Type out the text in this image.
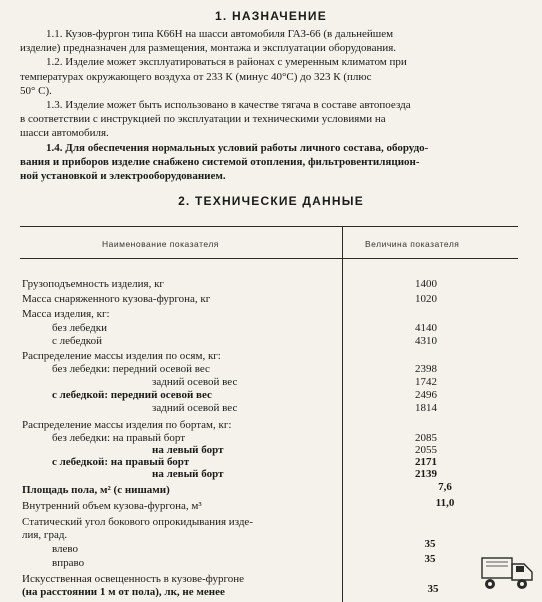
1. НАЗНАЧЕНИЕ
1.1. Кузов-фургон типа К66Н на шасси автомобиля ГАЗ-66 (в дальнейшем
изделие) предназначен для размещения, монтажа и эксплуатации оборудования.
1.2. Изделие может эксплуатироваться в районах с умеренным климатом при
температурах окружающего воздуха от 233 К (минус 40°С) до 323 К (плюс
50° С).
1.3. Изделие может быть использовано в качестве тягача в составе автопоезда
в соответствии с инструкцией по эксплуатации и техническими условиями на
шасси автомобиля.
1.4. Для обеспечения нормальных условий работы личного состава, оборудо-
вания и приборов изделие снабжено системой отопления, фильтровентиляцион-
ной установкой и электрооборудованием.
2. ТЕХНИЧЕСКИЕ ДАННЫЕ
Наименование показателя	Величина показателя
Грузоподъемность изделия, кг	1400
Масса снаряженного кузова-фургона, кг	1020
Масса изделия, кг:
без лебедки	4140
с лебедкой	4310
Распределение массы изделия по осям, кг:
без лебедки: передний осевой вес	2398
задний осевой вес	1742
с лебедкой: передний осевой вес	2496
задний осевой вес	1814
Распределение массы изделия по бортам, кг:
без лебедки: на правый борт	2085
на левый борт	2055
с лебедкой: на правый борт	2171
на левый борт	2139
Площадь пола, м² (с нишами)	7,6
Внутренний объем кузова-фургона, м³	11,0
Статический угол бокового опрокидывания изде-
лия, град.
влево	35
вправо	35
Искусственная освещенность в кузове-фургоне
(на расстоянии 1 м от пола), лк, не менее	35
